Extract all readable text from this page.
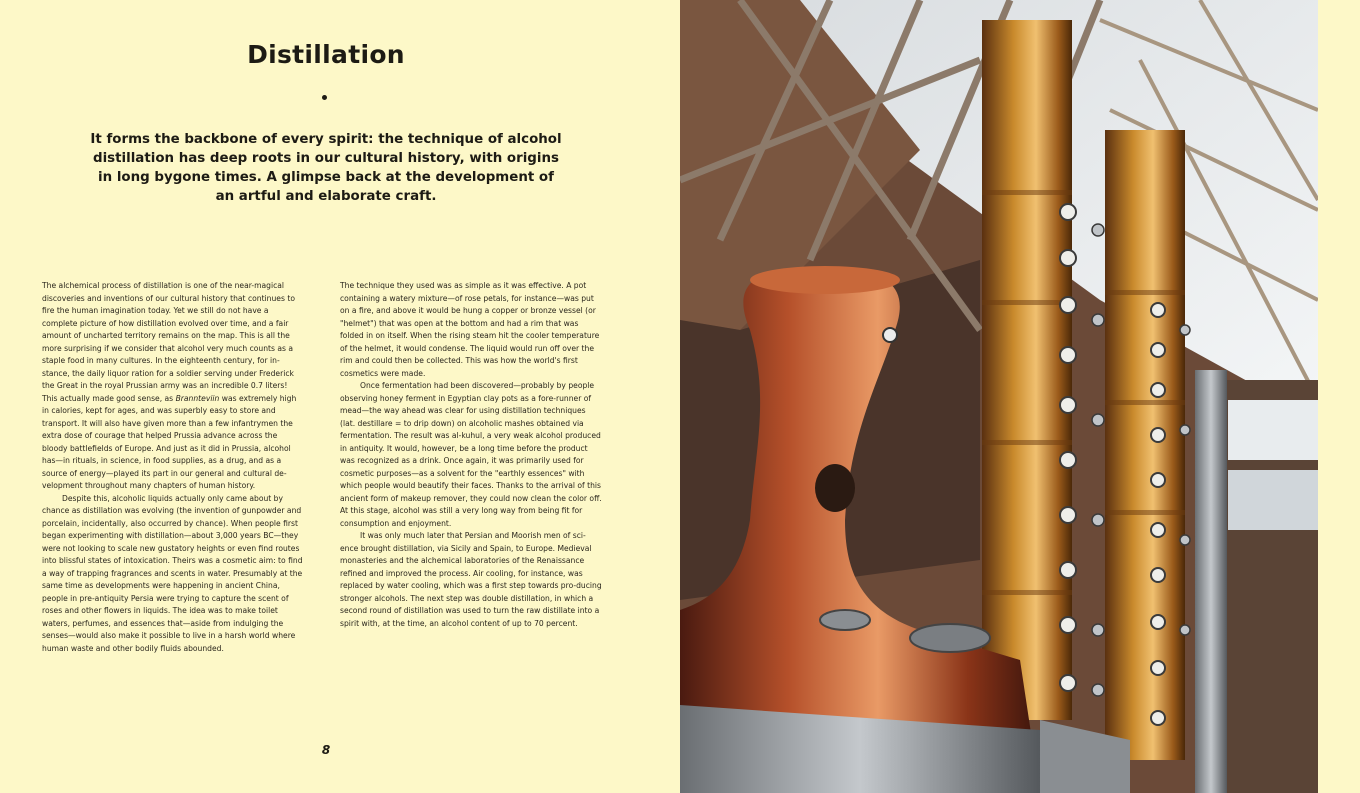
Distillation

It forms the backbone of every spirit: the technique of alcohol distillation has deep roots in our cultural history, with origins in long bygone times. A glimpse back at the development of an artful and elaborate craft.

The alchemical process of distillation is one of the near-magical discoveries and inventions of our cultural history that continues to fire the human imagination today. Yet we still do not have a complete picture of how distillation evolved over time, and a fair amount of uncharted territory remains on the map. This is all the more surprising if we consider that alcohol very much counts as a staple food in many cultures. In the eighteenth century, for in-stance, the daily liquor ration for a soldier serving under Frederick the Great in the royal Prussian army was an incredible 0.7 liters! This actually made good sense, as Brannteviin was extremely high in calories, kept for ages, and was superbly easy to store and transport. It will also have given more than a few infantrymen the extra dose of courage that helped Prussia advance across the bloody battlefields of Europe. And just as it did in Prussia, alcohol has—in rituals, in science, in food supplies, as a drug, and as a source of energy—played its part in our general and cultural de-velopment throughout many chapters of human history.

Despite this, alcoholic liquids actually only came about by chance as distillation was evolving (the invention of gunpowder and porcelain, incidentally, also occurred by chance). When people first began experimenting with distillation—about 3,000 years BC—they were not looking to scale new gustatory heights or even find routes into blissful states of intoxication. Theirs was a cosmetic aim: to find a way of trapping fragrances and scents in water. Presumably at the same time as developments were happening in ancient China, people in pre-antiquity Persia were trying to capture the scent of roses and other flowers in liquids. The idea was to make toilet waters, perfumes, and essences that—aside from indulging the senses—would also make it possible to live in a harsh world where human waste and other bodily fluids abounded.

The technique they used was as simple as it was effective. A pot containing a watery mixture—of rose petals, for instance—was put on a fire, and above it would be hung a copper or bronze vessel (or "helmet") that was open at the bottom and had a rim that was folded in on itself. When the rising steam hit the cooler temperature of the helmet, it would condense. The liquid would run off over the rim and could then be collected. This was how the world's first cosmetics were made.

Once fermentation had been discovered—probably by people observing honey ferment in Egyptian clay pots as a fore-runner of mead—the way ahead was clear for using distillation techniques (lat. destillare = to drip down) on alcoholic mashes obtained via fermentation. The result was al-kuhul, a very weak alcohol produced in antiquity. It would, however, be a long time before the product was recognized as a drink. Once again, it was primarily used for cosmetic purposes—as a solvent for the "earthly essences" with which people would beautify their faces. Thanks to the arrival of this ancient form of makeup remover, they could now clean the color off. At this stage, alcohol was still a very long way from being fit for consumption and enjoyment.

It was only much later that Persian and Moorish men of sci-ence brought distillation, via Sicily and Spain, to Europe. Medieval monasteries and the alchemical laboratories of the Renaissance refined and improved the process. Air cooling, for instance, was replaced by water cooling, which was a first step towards pro-ducing stronger alcohols. The next step was double distillation, in which a second round of distillation was used to turn the raw distillate into a spirit with, at the time, an alcohol content of up to 70 percent.

8
